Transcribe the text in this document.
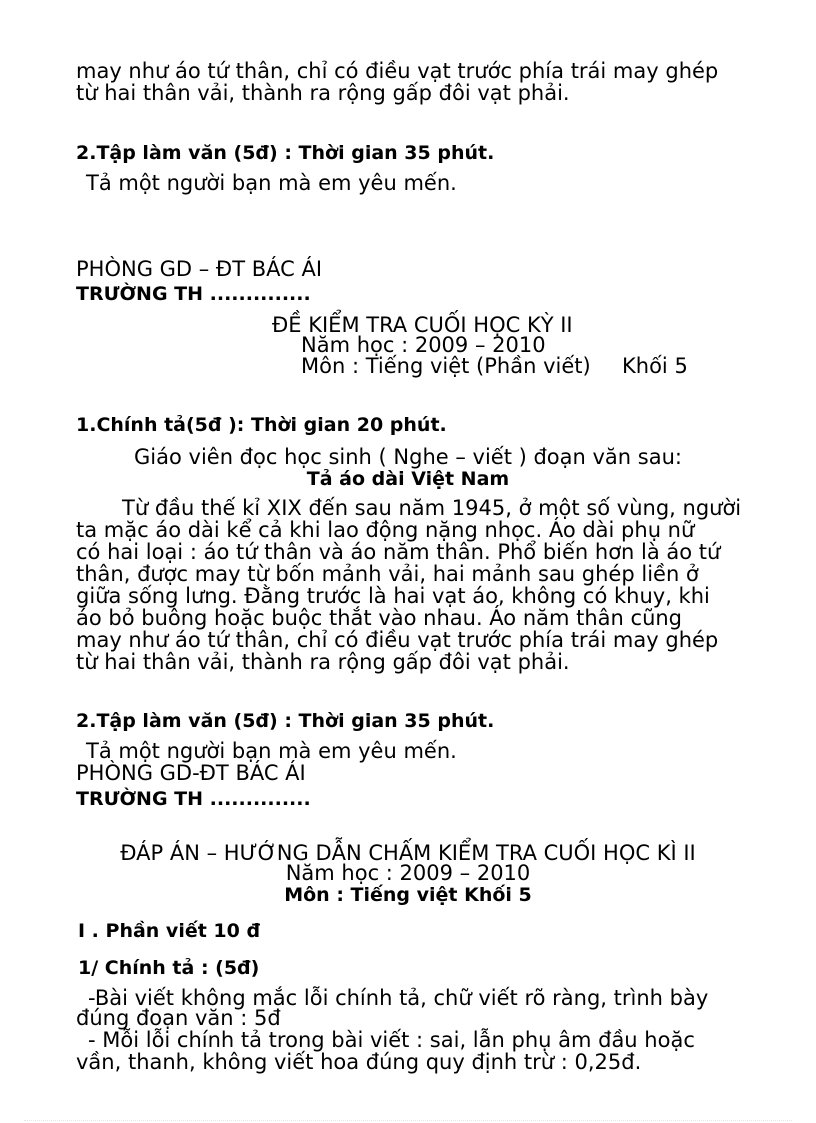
may như áo tứ thân, chỉ có điều vạt trước phía trái may ghép

từ hai thân vải, thành ra rộng gấp đôi vạt phải.

2.Tập làm văn (5đ) : Thời gian 35 phút.

Tả một người bạn mà em yêu mến.

PHÒNG GD – ĐT BÁC ÁI

TRƯỜNG TH ..............

ĐỀ KIỂM TRA CUỐI HỌC KỲ II

Năm học : 2009 – 2010

Môn : Tiếng việt (Phần viết) Khối 5

1.Chính tả(5đ ): Thời gian 20 phút.

Giáo viên đọc học sinh ( Nghe – viết ) đoạn văn sau:

Tả áo dài Việt Nam

Từ đầu thế kỉ XIX đến sau năm 1945, ở một số vùng, người

ta mặc áo dài kể cả khi lao động nặng nhọc. Áo dài phụ nữ

có hai loại : áo tứ thân và áo năm thân. Phổ biến hơn là áo tứ

thân, được may từ bốn mảnh vải, hai mảnh sau ghép liền ở

giữa sống lưng. Đằng trước là hai vạt áo, không có khuy, khi

áo bỏ buông hoặc buộc thắt vào nhau. Áo năm thân cũng

may như áo tứ thân, chỉ có điều vạt trước phía trái may ghép

từ hai thân vải, thành ra rộng gấp đôi vạt phải.

2.Tập làm văn (5đ) : Thời gian 35 phút.

Tả một người bạn mà em yêu mến.

PHÒNG GD-ĐT BÁC ÁI

TRƯỜNG TH ..............

ĐÁP ÁN – HƯỚNG DẪN CHẤM KIỂM TRA CUỐI HỌC KÌ II

Năm học : 2009 – 2010

Môn : Tiếng việt Khối 5

I . Phần viết 10 đ

1/ Chính tả : (5đ)

-Bài viết không mắc lỗi chính tả, chữ viết rõ ràng, trình bày

đúng đoạn văn : 5đ

- Mỗi lỗi chính tả trong bài viết : sai, lẫn phụ âm đầu hoặc

vần, thanh, không viết hoa đúng quy định trừ : 0,25đ.
